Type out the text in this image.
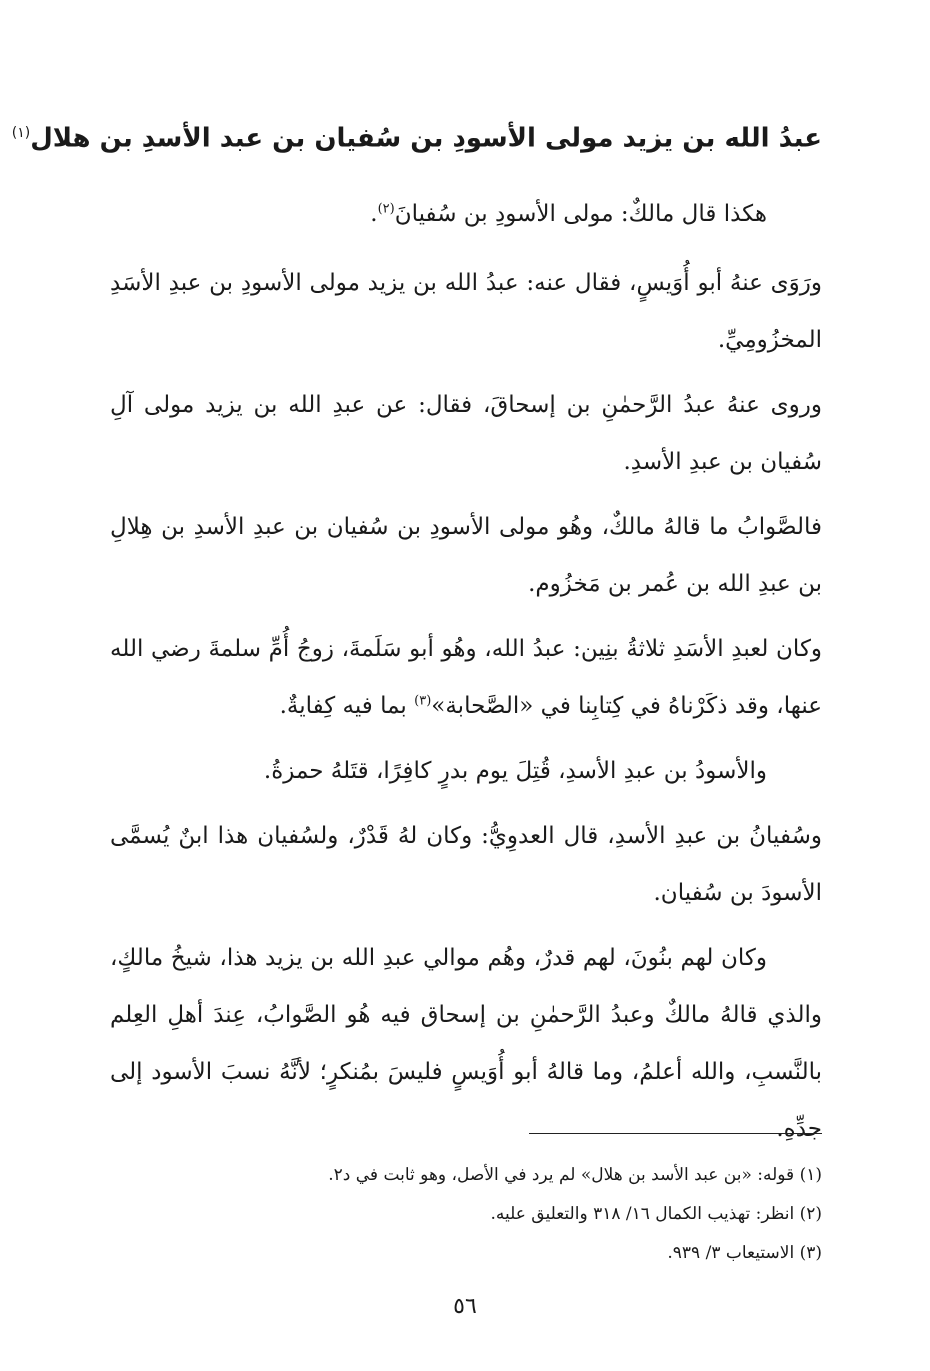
عبدُ الله بن يزيد مولى الأسودِ بن سُفيان بن عبد الأسدِ بن هلال$^{(١)}$

هكذا قال مالكٌ: مولى الأسودِ بن سُفيانَ$^{(٢)}$.

ورَوَى عنهُ أبو أُوَيسٍ، فقال عنه: عبدُ الله بن يزيد مولى الأسودِ بن عبدِ الأسَدِ المخزُومِيِّ.

وروى عنهُ عبدُ الرَّحمٰنِ بن إسحاقَ، فقال: عن عبدِ الله بن يزيد مولى آلِ سُفيان بن عبدِ الأسدِ.

فالصَّوابُ ما قالهُ مالكٌ، وهُو مولى الأسودِ بن سُفيان بن عبدِ الأسدِ بن هِلالِ بن عبدِ الله بن عُمر بن مَخزُوم.

وكان لعبدِ الأسَدِ ثلاثةُ بنِين: عبدُ الله، وهُو أبو سَلَمةَ، زوجُ أُمِّ سلمةَ رضي الله عنها، وقد ذكَرْناهُ في كِتابِنا في «الصَّحابة»$^{(٣)}$ بما فيه كِفايةٌ.

والأسودُ بن عبدِ الأسدِ، قُتِلَ يوم بدرٍ كافِرًا، قتَلهُ حمزةُ.

وسُفيانُ بن عبدِ الأسدِ، قال العدوِيُّ: وكان لهُ قَدْرٌ، ولسُفيان هذا ابنٌ يُسمَّى الأسودَ بن سُفيان.

وكان لهم بنُونَ، لهم قدرٌ، وهُم موالي عبدِ الله بن يزيد هذا، شيخُ مالكٍ، والذي قالهُ مالكٌ وعبدُ الرَّحمٰنِ بن إسحاق فيه هُو الصَّوابُ، عِندَ أهلِ العِلم بالنَّسبِ، والله أعلمُ، وما قالهُ أبو أُوَيسٍ فليسَ بمُنكرٍ؛ لأنَّهُ نسبَ الأسود إلى جدِّهِ.

(١) قوله: «بن عبد الأسد بن هلال» لم يرد في الأصل، وهو ثابت في د٢.
(٢) انظر: تهذيب الكمال ١٦/ ٣١٨ والتعليق عليه.
(٣) الاستيعاب ٣/ ٩٣٩.
٥٦
